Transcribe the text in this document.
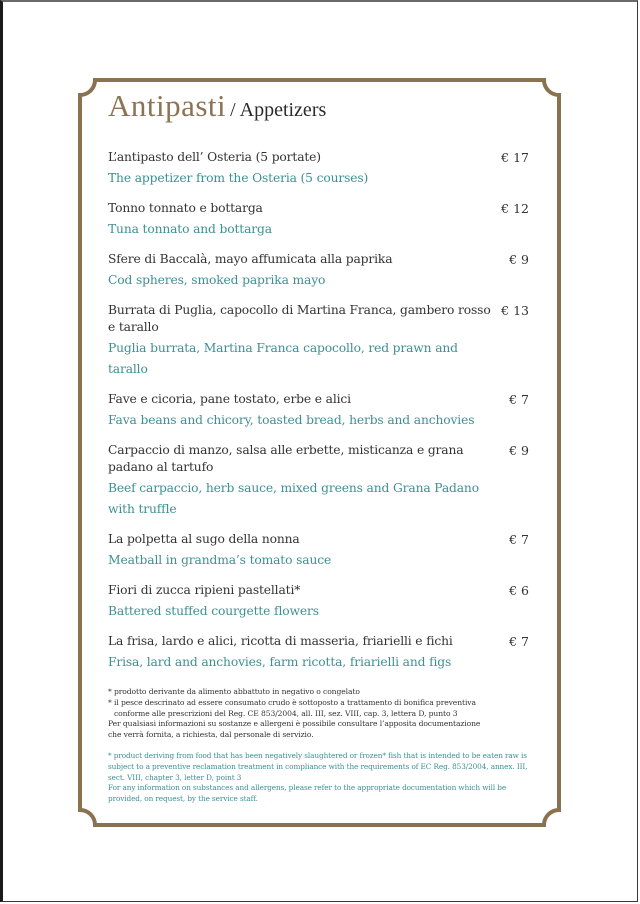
Antipasti / Appetizers
L’antipasto dell’ Osteria (5 portate)
The appetizer from the Osteria (5 courses)
€ 17
Tonno tonnato e bottarga
Tuna tonnato and bottarga
€ 12
Sfere di Baccalà, mayo affumicata alla paprika
Cod spheres, smoked paprika mayo
€ 9
Burrata di Puglia, capocollo di Martina Franca, gambero rosso e tarallo
Puglia burrata, Martina Franca capocollo, red prawn and tarallo
€ 13
Fave e cicoria, pane tostato, erbe e alici
Fava beans and chicory, toasted bread, herbs and anchovies
€ 7
Carpaccio di manzo, salsa alle erbette, misticanza e grana padano al tartufo
Beef carpaccio, herb sauce, mixed greens and Grana Padano with truffle
€ 9
La polpetta al sugo della nonna
Meatball in grandma’s tomato sauce
€ 7
Fiori di zucca ripieni pastellati*
Battered stuffed courgette flowers
€ 6
La frisa, lardo e alici, ricotta di masseria, friarielli e fichi
Frisa, lard and anchovies, farm ricotta, friarielli and figs
€ 7
* prodotto derivante da alimento abbattuto in negativo o congelato
* il pesce descrinato ad essere consumato crudo è sottoposto a trattamento di bonifica preventiva
conforme alle prescrizioni del Reg. CE 853/2004, all. III, sez. VIII, cap. 3, lettera D, punto 3
Per qualsiasi informazioni su sostanze e allergeni è possibile consultare l’apposita documentazione
che verrà fornita, a richiesta, dal personale di servizio.
* product deriving from food that has been negatively slaughtered or frozen* fish that is intended to be eaten raw is
subject to a preventive reclamation treatment in compliance with the requirements of EC Reg. 853/2004, annex. III,
sect. VIII, chapter 3, letter D, point 3
For any information on substances and allergens, please refer to the appropriate documentation which will be
provided, on request, by the service staff.
